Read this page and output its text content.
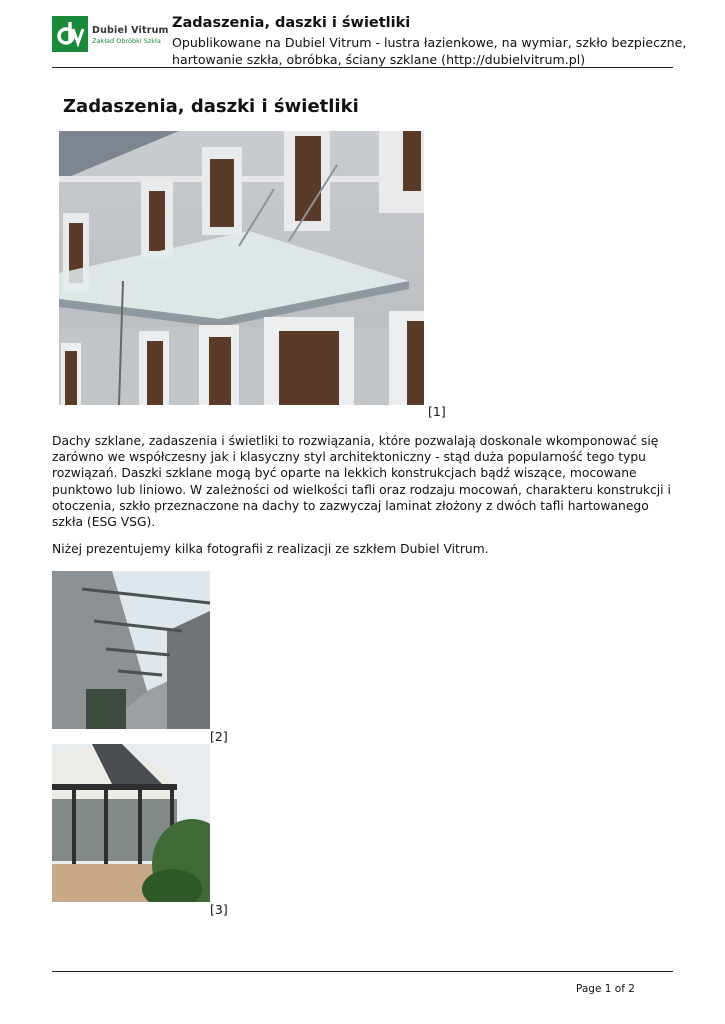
Dubiel Vitrum
Zakład Obróbki Szkła
Zadaszenia, daszki i świetliki
Opublikowane na Dubiel Vitrum - lustra łazienkowe, na wymiar, szkło bezpieczne, hartowanie szkła, obróbka, ściany szklane (http://dubielvitrum.pl)
Zadaszenia, daszki i świetliki
[1]

Dachy szklane, zadaszenia i świetliki to rozwiązania, które pozwalają doskonale wkomponować się zarówno we współczesny jak i klasyczny styl architektoniczny - stąd duża popularność tego typu rozwiązań. Daszki szklane mogą być oparte na lekkich konstrukcjach bądź wiszące, mocowane punktowo lub liniowo. W zależności od wielkości tafli oraz rodzaju mocowań, charakteru konstrukcji i otoczenia, szkło przeznaczone na dachy to zazwyczaj laminat złożony z dwóch tafli hartowanego szkła (ESG VSG).

Niżej prezentujemy kilka fotografii z realizacji ze szkłem Dubiel Vitrum.

[2]
[3]
Page 1 of 2
